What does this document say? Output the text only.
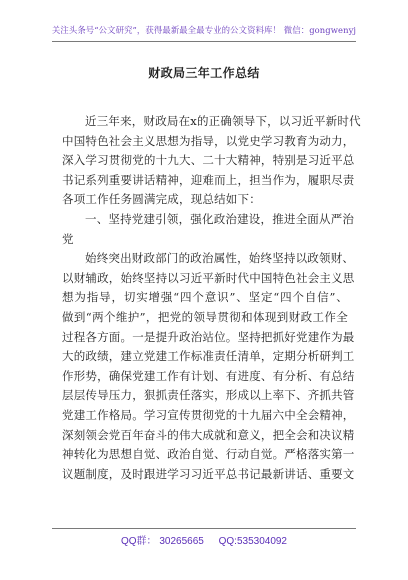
关注头条号“公文研究”，获得最新最全最专业的公文资料库！ 微信：gongwenyj
财政局三年工作总结
近三年来，财政局在x的正确领导下，以习近平新时代
中国特色社会主义思想为指导，以党史学习教育为动力，
深入学习贯彻党的十九大、二十大精神，特别是习近平总
书记系列重要讲话精神，迎难而上，担当作为，履职尽责
各项工作任务圆满完成，现总结如下：
一、坚持党建引领，强化政治建设，推进全面从严治
党
始终突出财政部门的政治属性，始终坚持以政领财、
以财辅政，始终坚持以习近平新时代中国特色社会主义思
想为指导，切实增强“四个意识”、坚定“四个自信”、
做到“两个维护”，把党的领导贯彻和体现到财政工作全
过程各方面。一是提升政治站位。坚持把抓好党建作为最
大的政绩，建立党建工作标准责任清单，定期分析研判工
作形势，确保党建工作有计划、有进度、有分析、有总结
层层传导压力，狠抓责任落实，形成以上率下、齐抓共管
党建工作格局。学习宣传贯彻党的十九届六中全会精神，
深刻领会党百年奋斗的伟大成就和意义，把全会和决议精
神转化为思想自觉、政治自觉、行动自觉。严格落实第一
议题制度，及时跟进学习习近平总书记最新讲话、重要文
QQ群： 30265665 QQ:535304092
